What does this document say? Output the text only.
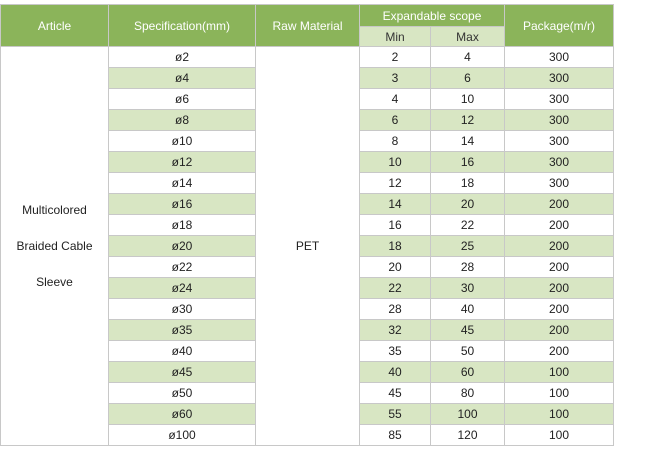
Article	Specification(mm)	Raw Material	Expandable scope		Package(m/r)
			Min	Max	

Multicolored
Braided Cable
Sleeve	ø2	PET	2	4	300
	ø4		3	6	300
	ø6		4	10	300
	ø8		6	12	300
	ø10		8	14	300
	ø12		10	16	300
	ø14		12	18	300
	ø16		14	20	200
	ø18		16	22	200
	ø20		18	25	200
	ø22		20	28	200
	ø24		22	30	200
	ø30		28	40	200
	ø35		32	45	200
	ø40		35	50	200
	ø45		40	60	100
	ø50		45	80	100
	ø60		55	100	100
	ø100		85	120	100
